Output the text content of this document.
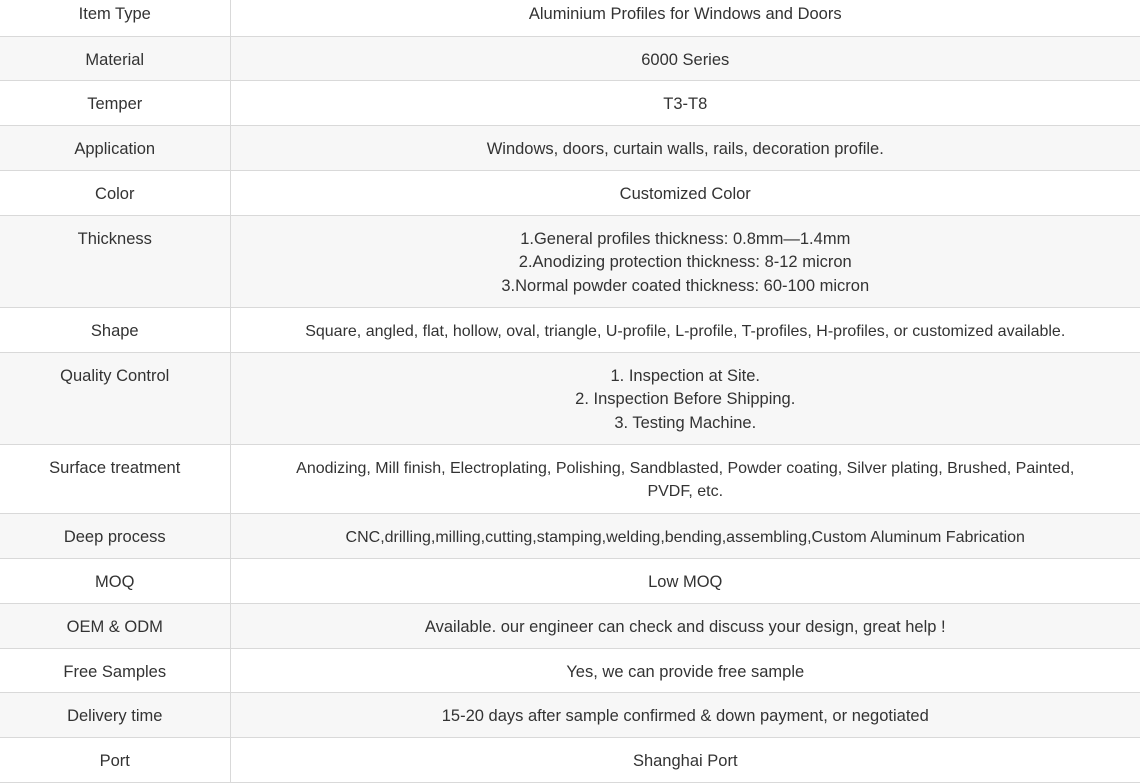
Item Type	Aluminium Profiles for Windows and Doors

Material	6000 Series

Temper	T3-T8

Application	Windows, doors, curtain walls, rails, decoration profile.

Color	Customized Color

Thickness	1.General profiles thickness: 0.8mm—1.4mm
2.Anodizing protection thickness: 8-12 micron
3.Normal powder coated thickness: 60-100 micron

Shape	Square, angled, flat, hollow, oval, triangle, U-profile, L-profile, T-profiles, H-profiles, or customized available.

Quality Control	1. Inspection at Site.
2. Inspection Before Shipping.
3. Testing Machine.

Surface treatment	Anodizing, Mill finish, Electroplating, Polishing, Sandblasted, Powder coating, Silver plating, Brushed, Painted,
PVDF, etc.

Deep process	CNC,drilling,milling,cutting,stamping,welding,bending,assembling,Custom Aluminum Fabrication

MOQ	Low MOQ

OEM & ODM	Available. our engineer can check and discuss your design, great help !

Free Samples	Yes, we can provide free sample

Delivery time	15-20 days after sample confirmed & down payment, or negotiated

Port	Shanghai Port
